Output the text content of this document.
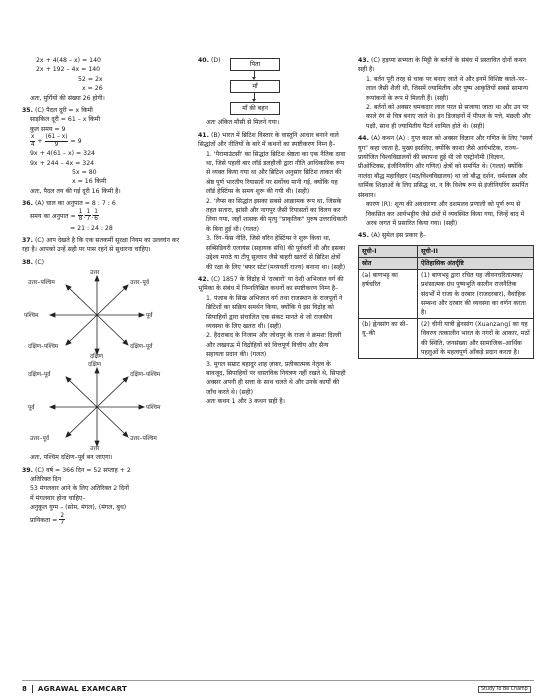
2x + 4(48 – x) = 140
2x + 192 – 4x = 140
52 = 2x
x = 26
अतः, मुर्गियों की संख्या 26 होगी।
35. (C) पैदल दूरी = x किमी
साइकिल दूरी = 61 – x किमी
कुल समय = 9
$\frac{x}{4} + \frac{(61 - x)}{9} = 9$
9x + 4(61 – x) = 324
9x + 244 – 4x = 324
5x = 80
x = 16 किमी
अतः, पैदल तय की गई दूरी 16 किमी है।
36. (A) चाल का अनुपात = 8 : 7 : 6
समय का अनुपात = $\frac{1}{8}$ : $\frac{1}{7}$ : $\frac{1}{6}$
= 21 : 24 : 28

37. (C) आप देखते है कि एक सतकर्मी सुरक्षा नियम का उल्लघंन कर रहा है। आपको उन्हें सही पर पास रहने से सुधारना चाहिए।

38. (C)
उत्तर
उत्तर–पूर्व
पूर्व
दक्षिण–पूर्व
दक्षिण
दक्षिण–पश्चिम
पश्चिम
उत्तर–पश्चिम
दक्षिण
दक्षिण–पश्चिम
पश्चिम
उत्तर–पश्चिम
उत्तर
उत्तर–पूर्व
पूर्व
दक्षिण–पूर्व
अतः, पश्चिम दक्षिण–पूर्व बन जाएगा।
39. (C) वर्ष = 366 दिन = 52 सप्ताह + 2
अतिरिक्त दिन
53 मंगलवार आने के लिए अतिरिक्त 2 दिनों
में मंगलवार होना चाहिए–
अनुकूल युग्म – (सोम, मंगल), (मंगल, बुध)
प्रायिकता = $\frac{2}{7}$
40. (D)
पिता
माँ
माँ की बहन
अतः अंकित मौसी से मिलने गया।

41. (B) भारत में ब्रिटिश विस्तार के वास्तुनि आधार बनाने वाले सिद्धांतों और नीतियों के बारे में कथनों का स्पष्टीकरण निम्न है–

1. 'पैरामाउंटसी' का सिद्धांत ब्रिटिश श्रेष्ठता का एक नैतिक दावा था, जिसे पहली बार लॉर्ड डलहौजी द्वारा नीति आधिकारिक रूप से व्यक्त किया गया था और ब्रिटिश अनुसार ब्रिटिश ताकत की श्रेष्ठ पूर्ण भारतीय रियासतों पर सर्वोच्च मानी गई, क्योंकि यह लॉर्ड हेस्टिंग्स के समय शुरू की गयी थी। (सही)

2. 'लैप्स का सिद्धांत इसका सबसे आक्रामक रूप था, जिसके तहत सतारा, झांसी और नागपुर जैसी रियासतों का विलय कर लिया गया, जहाँ शासक की मृत्यु "प्राकृतिक" पुरुष उत्तराधिकारी के बिना हुई थी। (गलत)

3. रिंग–फेंस नीति, जिसे वॉरेन हेस्टिंग्स ने शुरू किया था, सब्सिडियरी एलायंस (सहायक संधि) की पूर्ववर्ती थी और इसका उद्देश्य मराठे या टीपू सुल्तान जैसे बाहरी खतरों से ब्रिटिश क्षेत्रों की रक्षा के लिए 'बफर स्टेट'(मध्यवर्ती राज्य) बनाना था। (सही)

42. (C) 1857 के विद्रोह में 'दरबारों' या देशी अभिजात वर्ग की भूमिका के संबंध में निम्नलिखित कथनों का स्पष्टीकरण निम्न है–

1. पंजाब के सिख अभिजात वर्ग तथा राजस्थान के राजपूतों ने ब्रिटिशों का सक्रिय समर्थन किया, क्योंकि ये इस विद्रोह को सिपाहियों द्वारा संचालित एक संकट मानते थे जो राजकीय व्यवस्था के लिए खतरा थी। (सही)

2. हैदराबाद के निजाम और जोधपुर के राजा ने क्रमशः दिल्ली और लखनऊ में विद्रोहियों को वित्तपूर्ण वित्तीय और सैन्य सहायता प्रदान की। (गलत)

3. मुगल सम्राट बहादुर शाह ज़फ़र, प्रतीकात्मक नेतृत्व के बावजूद, सिपाहियों पर वास्तविक नियंत्रण नहीं रखते थे, सिपाही अक्सर अपनी ही सत्ता के साथ चलते थे और उनके कार्यों की जाँच करते थे। (सही)

अतः कथन 1 और 3 कथन सही है।

43. (C) हड़प्पा सभ्यता के मिट्टी के बर्तनों के संबंध में प्रस्तावित दोनों कथन सही है।

1. बर्तन पूरी तरह से चाक पर बनाए जाते थे और इनमें विशिष्ट काले–पर–लाल जैसी शैली थी, जिसमें ज्यामितीय और पुष्प आकृतियों सबसे सामान्य रूपांकनों के रूप में मिलती हैं। (सही)

2. बर्तनों को अक्सर चमकदार लाल परत से सजाया जाता था और उन पर काले रंग से चित्र बनाए जाते थे। इन डिजाइनों में पीपल के पत्ते, मछली और पक्षी, साथ ही ज्यामितीय पैटर्न शामिल होते थे। (सही)

44. (A) कथन (A) : गुप्त काल को अक्सर विज्ञान और गणित के लिए "स्वर्ण युग" कहा जाता है, मुख्य इसलिए, क्योंकि काशा जैसे आर्यभटिक, राज्य–प्रायोजित विश्वविद्यालयों की स्थापना हुई थी जो एस्ट्रोनॉमी (विज्ञान, प्रीओप्टिक्स, इंजीनियरिंग और गणित) क्षेत्रों को समर्पित थे। (गलत) क्योंकि नालंदा बौद्ध महाविहार (मठ/विश्वविद्यालय) था जो बौद्ध दर्शन, धर्मशास्त्र और धार्मिक शिक्षाओं के लिए प्रसिद्ध था, न कि विशेष रूप से इंजीनियरिंग समर्पित संस्थान।

कारण (R): शून्य की अवधारणा और दशमलव प्रणाली को पूर्ण रूप से विकसित कर आर्यभट्टीय जैसे ग्रंथों में व्यवस्थित किया गया, जिन्हें बाद में अरब जगत में प्रसारित किया गया। (सही)

45. (A) सुमेल इस प्रकार है–
सूची-I	सूची-II
स्रोत	ऐतिहासिक अंतर्दृष्टि
(a) बाणभट्ट का हर्षचरित	(1) बाणभट्ट द्वारा रचित यह जीवनचरितात्मक/प्रशंसात्मक ग्रंथ पुष्यभूति कालीन राजनैतिक संदर्भों में राजा के दरबार (राजदरबार), वैवाहिक सम्बन्ध और दरबार की व्यवस्था का वर्णन करता है।
(b) ह्वेनसांग का सी–यू–की	(2) चीनी यात्री ह्वेनसांग (Xuanzang) का यह विवरण तत्कालीन भारत के नगरों के आकार, मठों की स्थिति, जनसंख्या और सामाजिक–आर्थिक पहलुओं के महत्वपूर्ण आँकड़े प्रदान करता है।
8 AGRAWAL EXAMCART	Study To Be Champ
